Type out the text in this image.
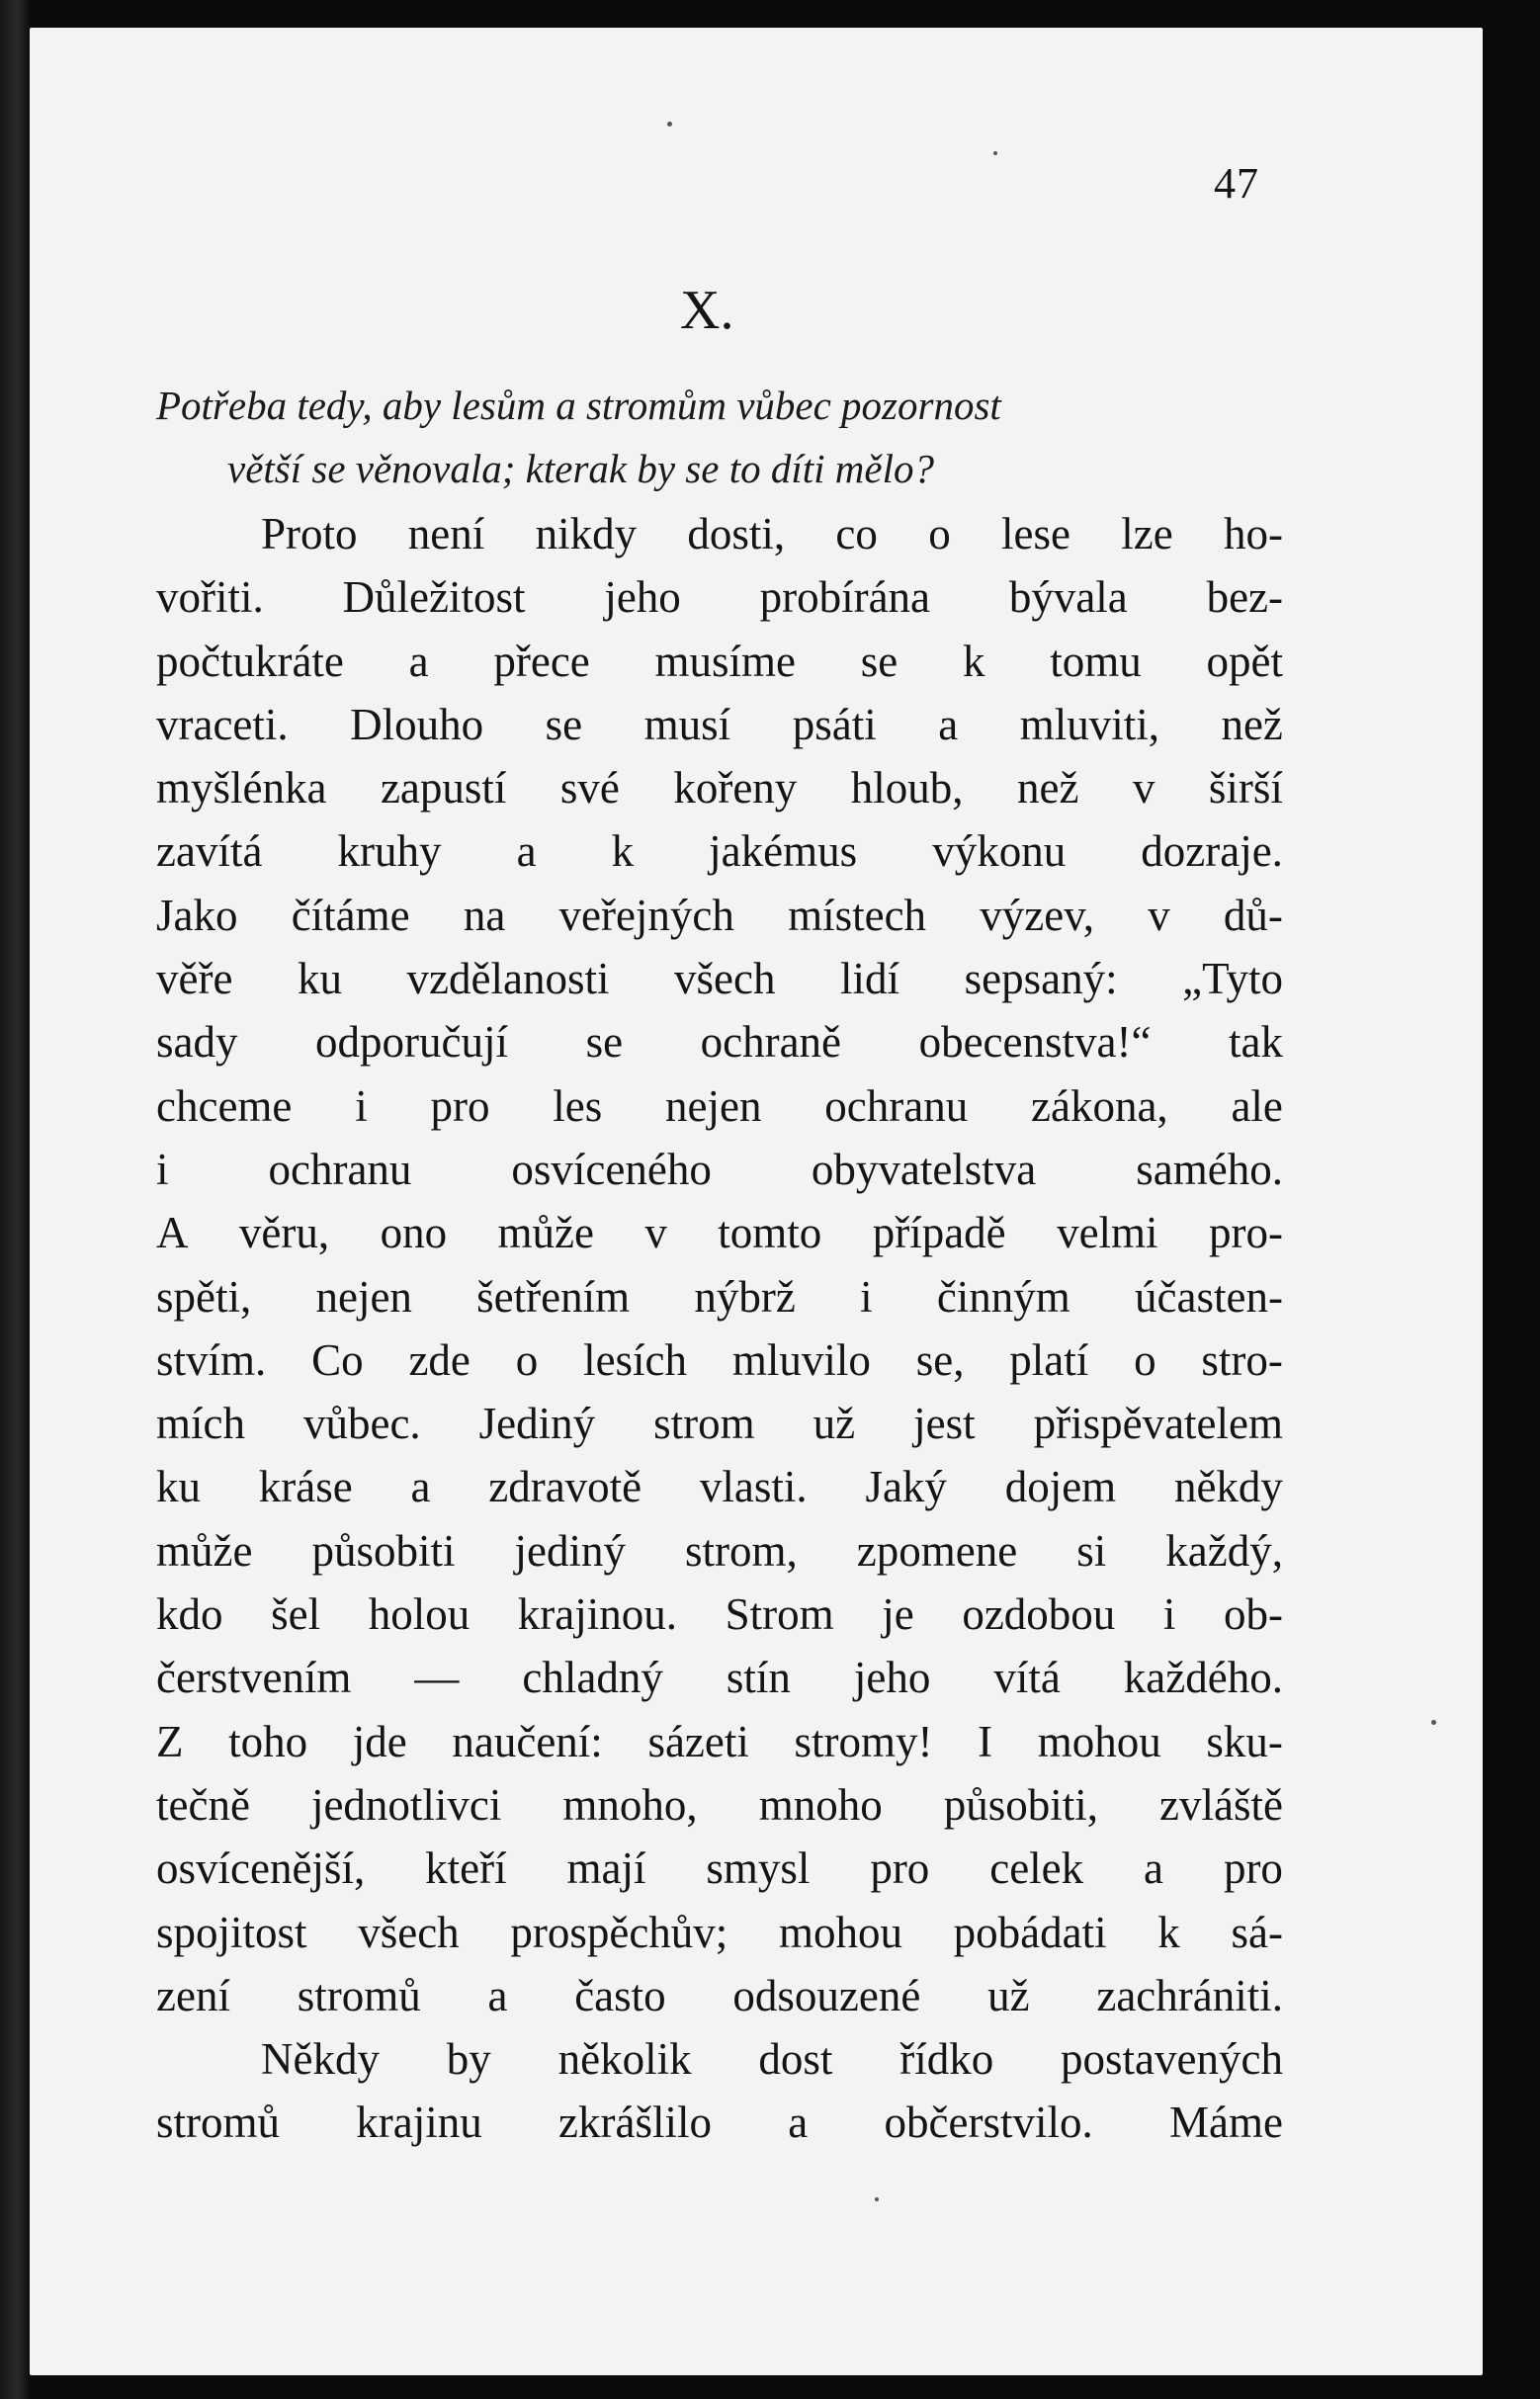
47
X.
Potřeba tedy, aby lesům a stromům vůbec pozornost
větší se věnovala; kterak by se to díti mělo?
Proto není nikdy dosti, co o lese lze ho-
vořiti. Důležitost jeho probírána bývala bez-
počtukráte a přece musíme se k tomu opět
vraceti. Dlouho se musí psáti a mluviti, než
myšlénka zapustí své kořeny hloub, než v širší
zavítá kruhy a k jakémus výkonu dozraje.
Jako čítáme na veřejných místech výzev, v dů-
věře ku vzdělanosti všech lidí sepsaný: „Tyto
sady odporučují se ochraně obecenstva!“ tak
chceme i pro les nejen ochranu zákona, ale
i ochranu osvíceného obyvatelstva samého.
A věru, ono může v tomto případě velmi pro-
spěti, nejen šetřením nýbrž i činným účasten-
stvím. Co zde o lesích mluvilo se, platí o stro-
mích vůbec. Jediný strom už jest přispěvatelem
ku kráse a zdravotě vlasti. Jaký dojem někdy
může působiti jediný strom, zpomene si každý,
kdo šel holou krajinou. Strom je ozdobou i ob-
čerstvením — chladný stín jeho vítá každého.
Z toho jde naučení: sázeti stromy! I mohou sku-
tečně jednotlivci mnoho, mnoho působiti, zvláště
osvícenější, kteří mají smysl pro celek a pro
spojitost všech prospěchův; mohou pobádati k sá-
zení stromů a často odsouzené už zachrániti.
Někdy by několik dost řídko postavených
stromů krajinu zkrášlilo a občerstvilo. Máme
